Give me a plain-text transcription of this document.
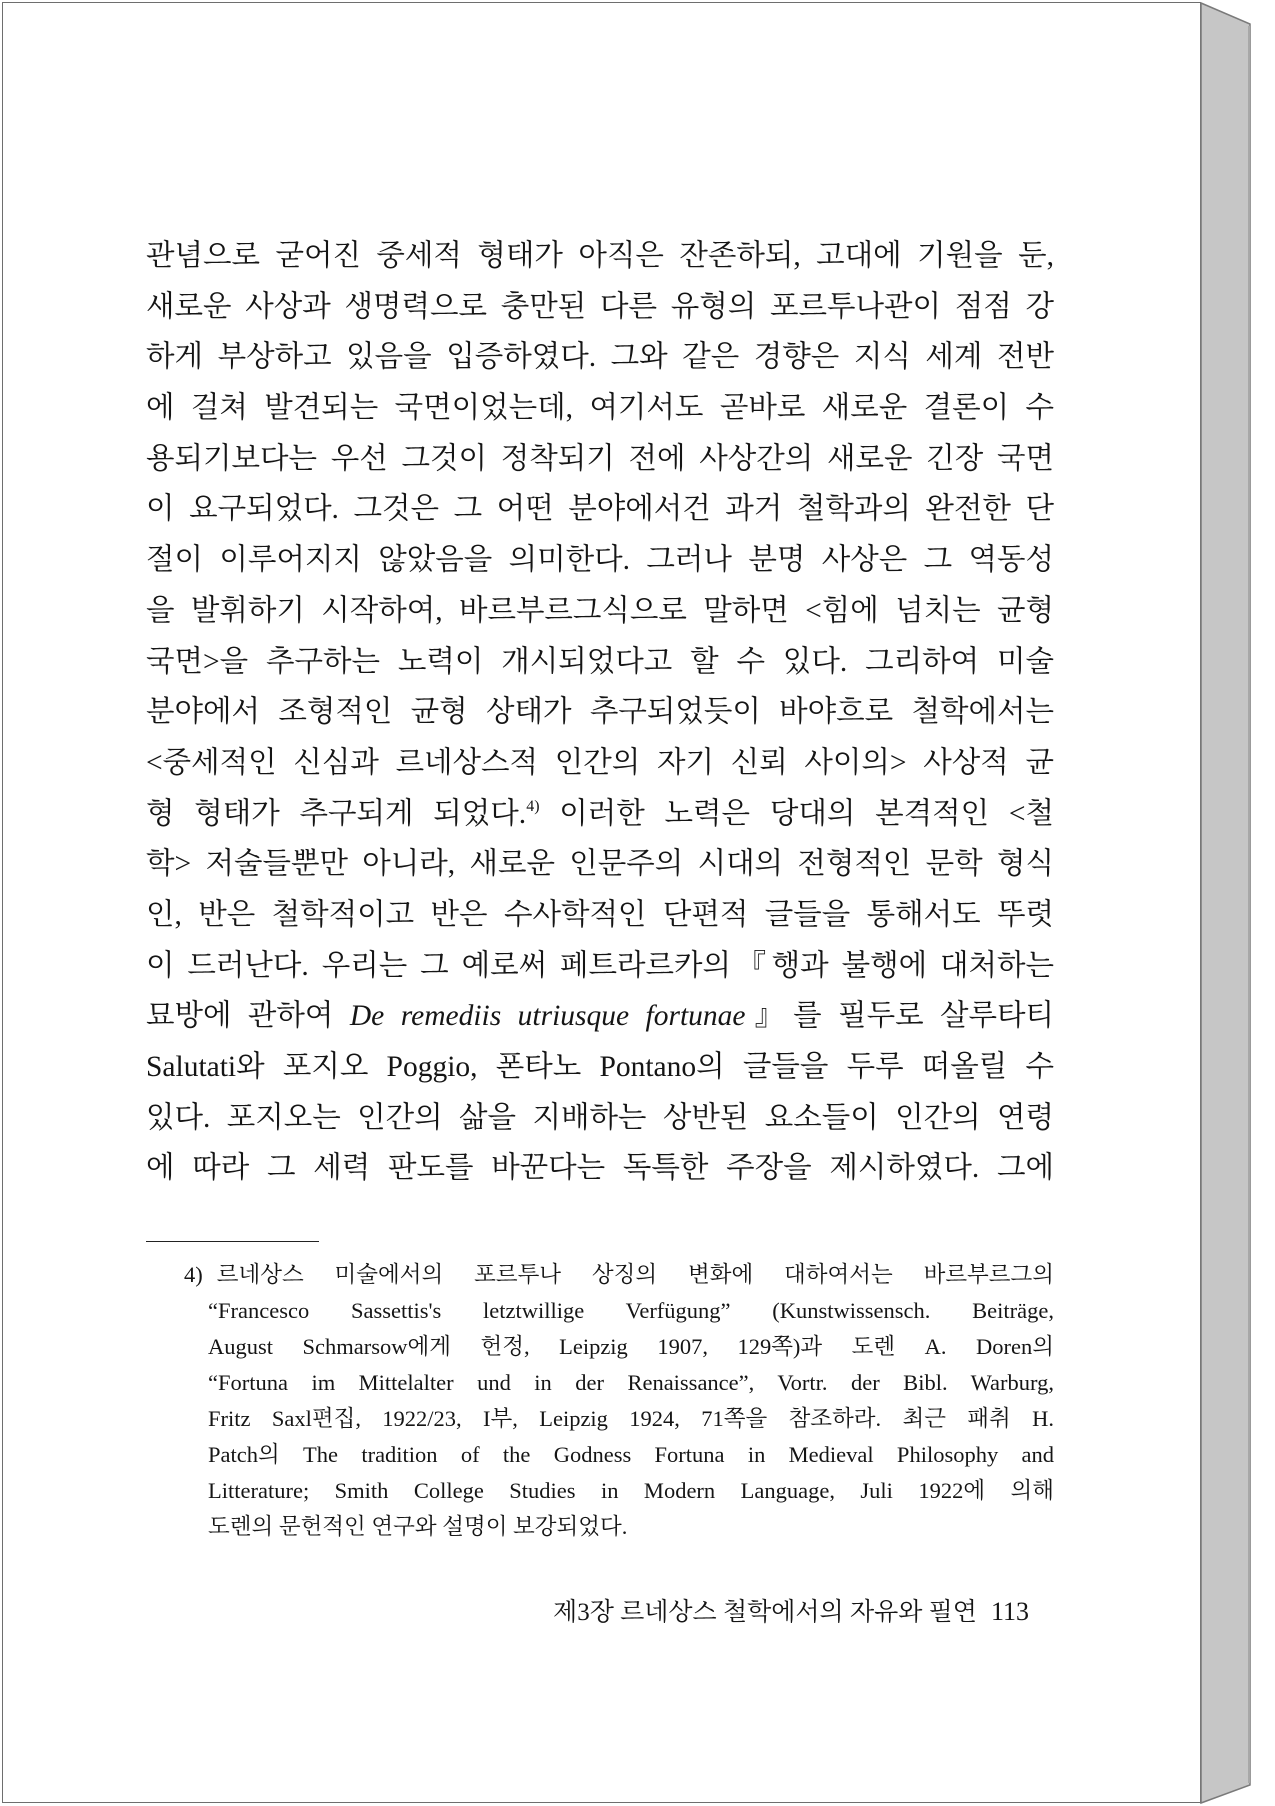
관념으로 굳어진 중세적 형태가 아직은 잔존하되, 고대에 기원을 둔,
새로운 사상과 생명력으로 충만된 다른 유형의 포르투나관이 점점 강
하게 부상하고 있음을 입증하였다. 그와 같은 경향은 지식 세계 전반
에 걸쳐 발견되는 국면이었는데, 여기서도 곧바로 새로운 결론이 수
용되기보다는 우선 그것이 정착되기 전에 사상간의 새로운 긴장 국면
이 요구되었다. 그것은 그 어떤 분야에서건 과거 철학과의 완전한 단
절이 이루어지지 않았음을 의미한다. 그러나 분명 사상은 그 역동성
을 발휘하기 시작하여, 바르부르그식으로 말하면 <힘에 넘치는 균형
국면>을 추구하는 노력이 개시되었다고 할 수 있다. 그리하여 미술
분야에서 조형적인 균형 상태가 추구되었듯이 바야흐로 철학에서는
<중세적인 신심과 르네상스적 인간의 자기 신뢰 사이의> 사상적 균
형 형태가 추구되게 되었다.$^{4)}$ 이러한 노력은 당대의 본격적인 <철
학> 저술들뿐만 아니라, 새로운 인문주의 시대의 전형적인 문학 형식
인, 반은 철학적이고 반은 수사학적인 단편적 글들을 통해서도 뚜렷
이 드러난다. 우리는 그 예로써 페트라르카의『행과 불행에 대처하는
묘방에 관하여 De remediis utriusque fortunae』를 필두로 살루타티
Salutati와 포지오 Poggio, 폰타노 Pontano의 글들을 두루 떠올릴 수
있다. 포지오는 인간의 삶을 지배하는 상반된 요소들이 인간의 연령
에 따라 그 세력 판도를 바꾼다는 독특한 주장을 제시하였다. 그에
4) 르네상스 미술에서의 포르투나 상징의 변화에 대하여서는 바르부르그의
“Francesco Sassettis's letztwillige Verfügung” (Kunstwissensch. Beiträge,
August Schmarsow에게 헌정, Leipzig 1907, 129쪽)과 도렌 A. Doren의
“Fortuna im Mittelalter und in der Renaissance”, Vortr. der Bibl. Warburg,
Fritz Saxl편집, 1922/23, I부, Leipzig 1924, 71쪽을 참조하라. 최근 패취 H.
Patch의 The tradition of the Godness Fortuna in Medieval Philosophy and
Litterature; Smith College Studies in Modern Language, Juli 1922에 의해
도렌의 문헌적인 연구와 설명이 보강되었다.
제3장 르네상스 철학에서의 자유와 필연 113
